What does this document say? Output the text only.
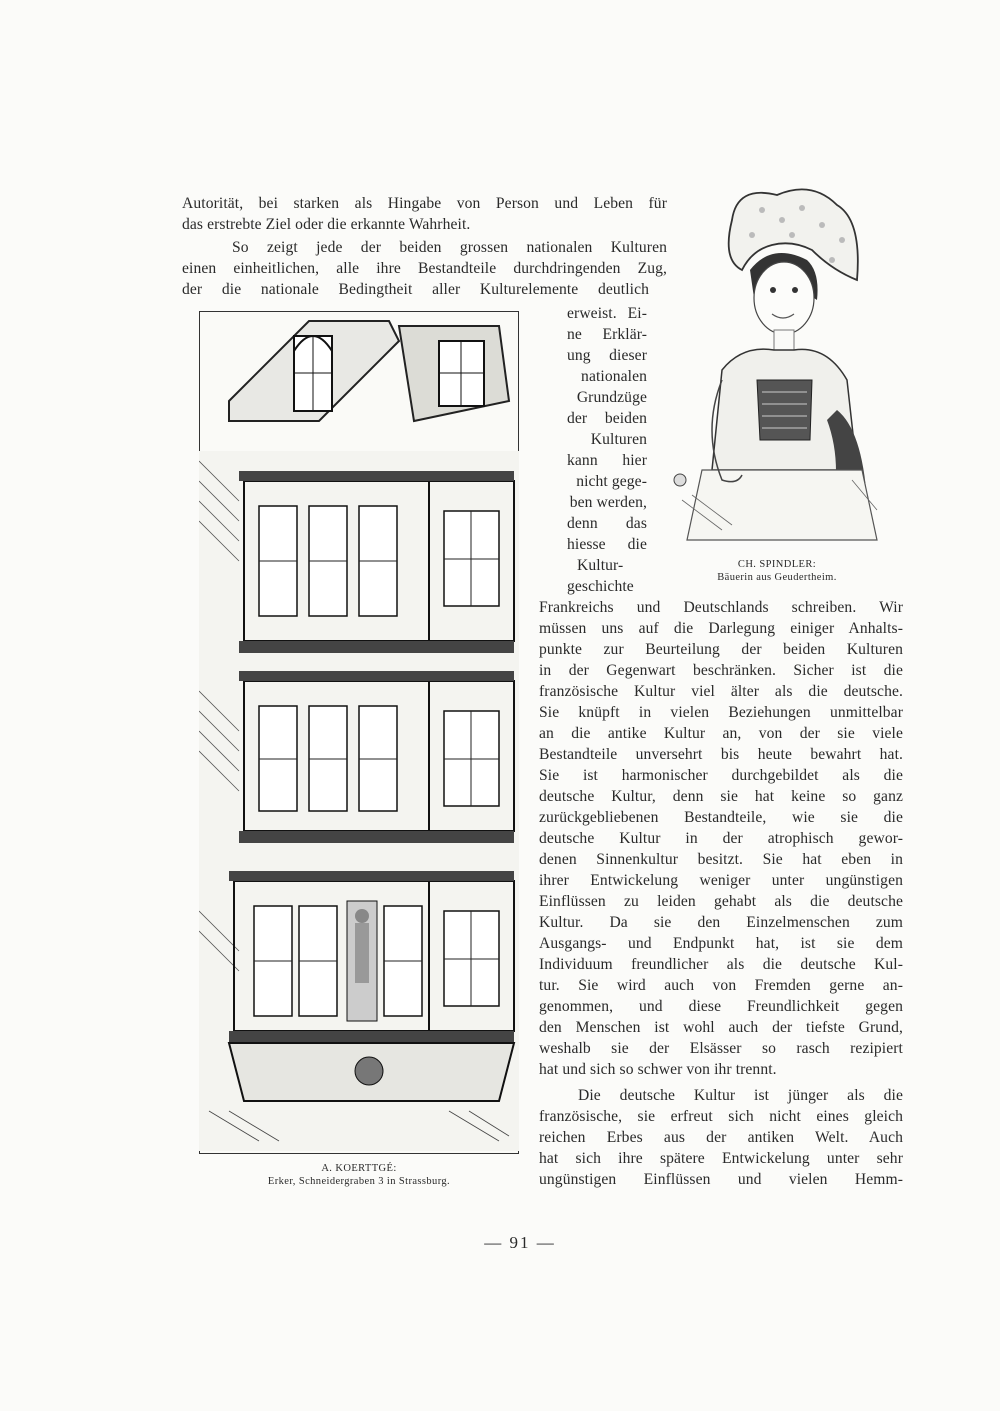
A. KOERTTGÉ:
Erker, Schneidergraben 3 in Strassburg.
CH. SPINDLER:
Bäuerin aus Geudertheim.
Autorität, bei starken als Hingabe von Person und Leben für
das erstrebte Ziel oder die erkannte Wahrheit.
So zeigt jede der beiden grossen nationalen Kulturen
einen einheitlichen, alle ihre Bestandteile durchdringenden Zug,
der die nationale Bedingtheit aller Kulturelemente deutlich
erweist. Ei-
ne Erklär-
ung dieser
nationalen
Grundzüge
der beiden
Kulturen
kann hier
nicht gege-
ben werden,
denn das
hiesse die
Kultur-
geschichte
Frankreichs und Deutschlands schreiben. Wir
müssen uns auf die Darlegung einiger Anhalts-
punkte zur Beurteilung der beiden Kulturen
in der Gegenwart beschränken. Sicher ist die
französische Kultur viel älter als die deutsche.
Sie knüpft in vielen Beziehungen unmittelbar
an die antike Kultur an, von der sie viele
Bestandteile unversehrt bis heute bewahrt hat.
Sie ist harmonischer durchgebildet als die
deutsche Kultur, denn sie hat keine so ganz
zurückgebliebenen Bestandteile, wie sie die
deutsche Kultur in der atrophisch gewor-
denen Sinnenkultur besitzt. Sie hat eben in
ihrer Entwickelung weniger unter ungünstigen
Einflüssen zu leiden gehabt als die deutsche
Kultur. Da sie den Einzelmenschen zum
Ausgangs- und Endpunkt hat, ist sie dem
Individuum freundlicher als die deutsche Kul-
tur. Sie wird auch von Fremden gerne an-
genommen, und diese Freundlichkeit gegen
den Menschen ist wohl auch der tiefste Grund,
weshalb sie der Elsässer so rasch rezipiert
hat und sich so schwer von ihr trennt.
Die deutsche Kultur ist jünger als die
französische, sie erfreut sich nicht eines gleich
reichen Erbes aus der antiken Welt. Auch
hat sich ihre spätere Entwickelung unter sehr
ungünstigen Einflüssen und vielen Hemm-
— 91 —
